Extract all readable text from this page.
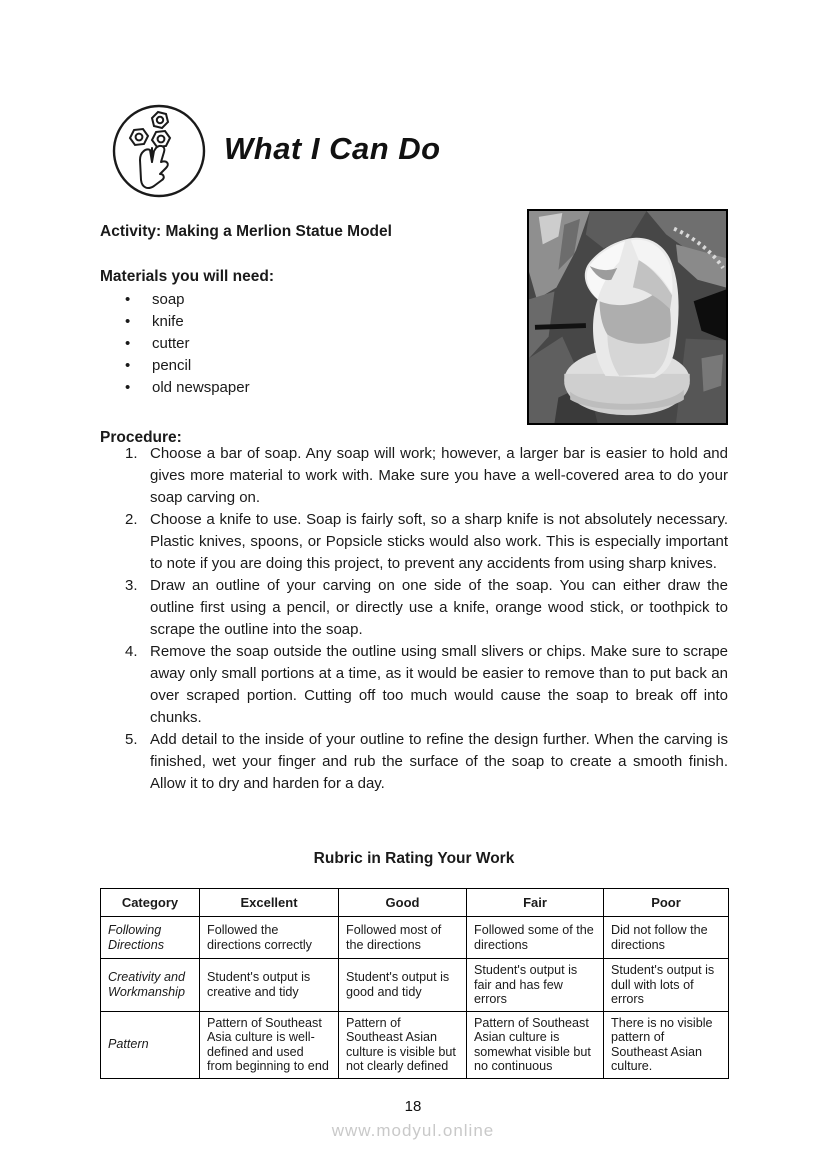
What I Can Do
Activity: Making a Merlion Statue Model
Materials you will need:
•	soap
•	knife
•	cutter
•	pencil
•	old newspaper
Procedure:
1. Choose a bar of soap. Any soap will work; however, a larger bar is easier to hold and gives more material to work with. Make sure you have a well-covered area to do your soap carving on.
2. Choose a knife to use. Soap is fairly soft, so a sharp knife is not absolutely necessary. Plastic knives, spoons, or Popsicle sticks would also work. This is especially important to note if you are doing this project, to prevent any accidents from using sharp knives.
3. Draw an outline of your carving on one side of the soap. You can either draw the outline first using a pencil, or directly use a knife, orange wood stick, or toothpick to scrape the outline into the soap.
4. Remove the soap outside the outline using small slivers or chips. Make sure to scrape away only small portions at a time, as it would be easier to remove than to put back an over scraped portion. Cutting off too much would cause the soap to break off into chunks.
5. Add detail to the inside of your outline to refine the design further. When the carving is finished, wet your finger and rub the surface of the soap to create a smooth finish. Allow it to dry and harden for a day.
Rubric in Rating Your Work
Category	Excellent	Good	Fair	Poor
Following Directions	Followed the directions correctly	Followed most of the directions	Followed some of the directions	Did not follow the directions
Creativity and Workmanship	Student's output is creative and tidy	Student's output is good and tidy	Student's output is fair and has few errors	Student's output is dull with lots of errors
Pattern	Pattern of Southeast Asia culture is well-defined and used from beginning to end	Pattern of Southeast Asian culture is visible but not clearly defined	Pattern of Southeast Asian culture is somewhat visible but no continuous	There is no visible pattern of Southeast Asian culture.
18
www.modyul.online
